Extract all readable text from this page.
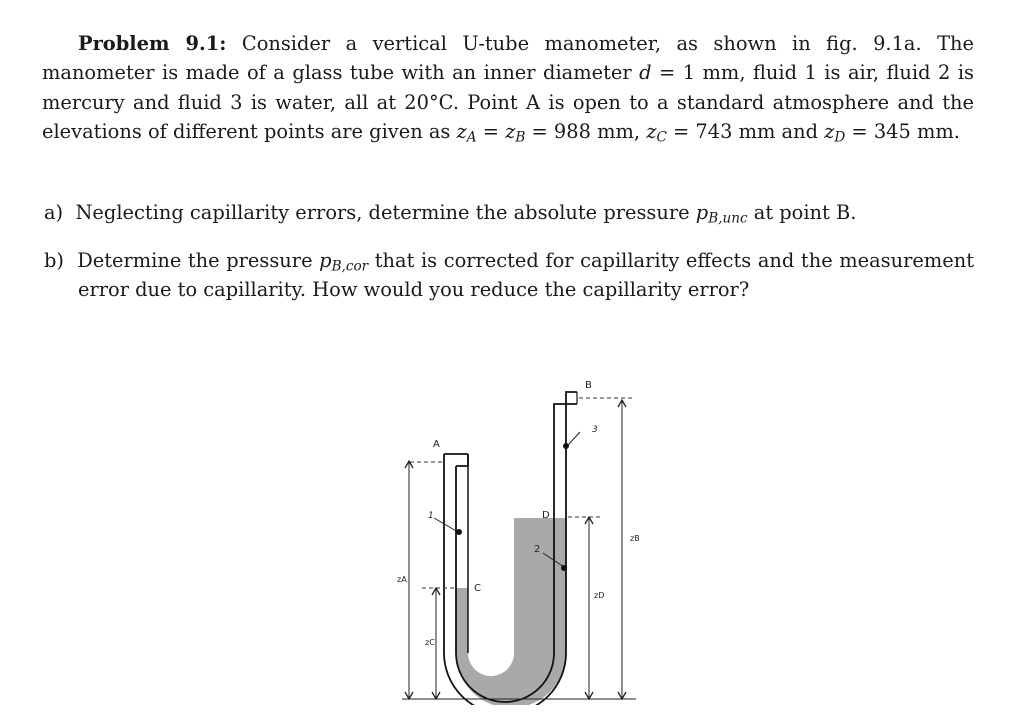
Problem 9.1: Consider a vertical U-tube manometer, as shown in fig. 9.1a. The manometer is made of a glass tube with an inner diameter d = 1 mm, fluid 1 is air, fluid 2 is mercury and fluid 3 is water, all at 20°C. Point A is open to a standard atmosphere and the elevations of different points are given as $z_A = z_B = 988$ mm, $z_C = 743$ mm and $z_D = 345$ mm.
a) Neglecting capillarity errors, determine the absolute pressure $p_{B,unc}$ at point B.
b) Determine the pressure $p_{B,cor}$ that is corrected for capillarity effects and the measurement error due to capillarity. How would you reduce the capillarity error?
A
B
C
D
1
2
3
zA
zC
zD
zB
